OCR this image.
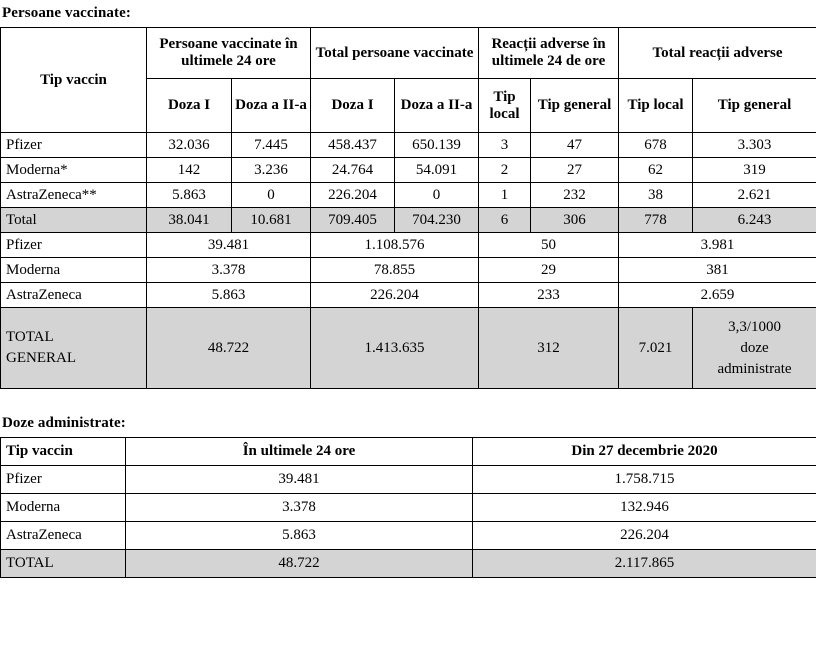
Persoane vaccinate:
Tip vaccin	Persoane vaccinate în ultimele 24 ore		Total persoane vaccinate		Reacții adverse în ultimele 24 de ore		Total reacții adverse	
	Doza I	Doza a II-a	Doza I	Doza a II-a	Tip local	Tip general	Tip local	Tip general
Pfizer	32.036	7.445	458.437	650.139	3	47	678	3.303
Moderna*	142	3.236	24.764	54.091	2	27	62	319
AstraZeneca**	5.863	0	226.204	0	1	232	38	2.621
Total	38.041	10.681	709.405	704.230	6	306	778	6.243
Pfizer	39.481		1.108.576		50		3.981	
Moderna	3.378		78.855		29		381	
AstraZeneca	5.863		226.204		233		2.659	
TOTAL
GENERAL	48.722		1.413.635		312		7.021	3,3/1000
doze
administrate
Doze administrate:
Tip vaccin	În ultimele 24 ore	Din 27 decembrie 2020
Pfizer	39.481	1.758.715
Moderna	3.378	132.946
AstraZeneca	5.863	226.204
TOTAL	48.722	2.117.865
